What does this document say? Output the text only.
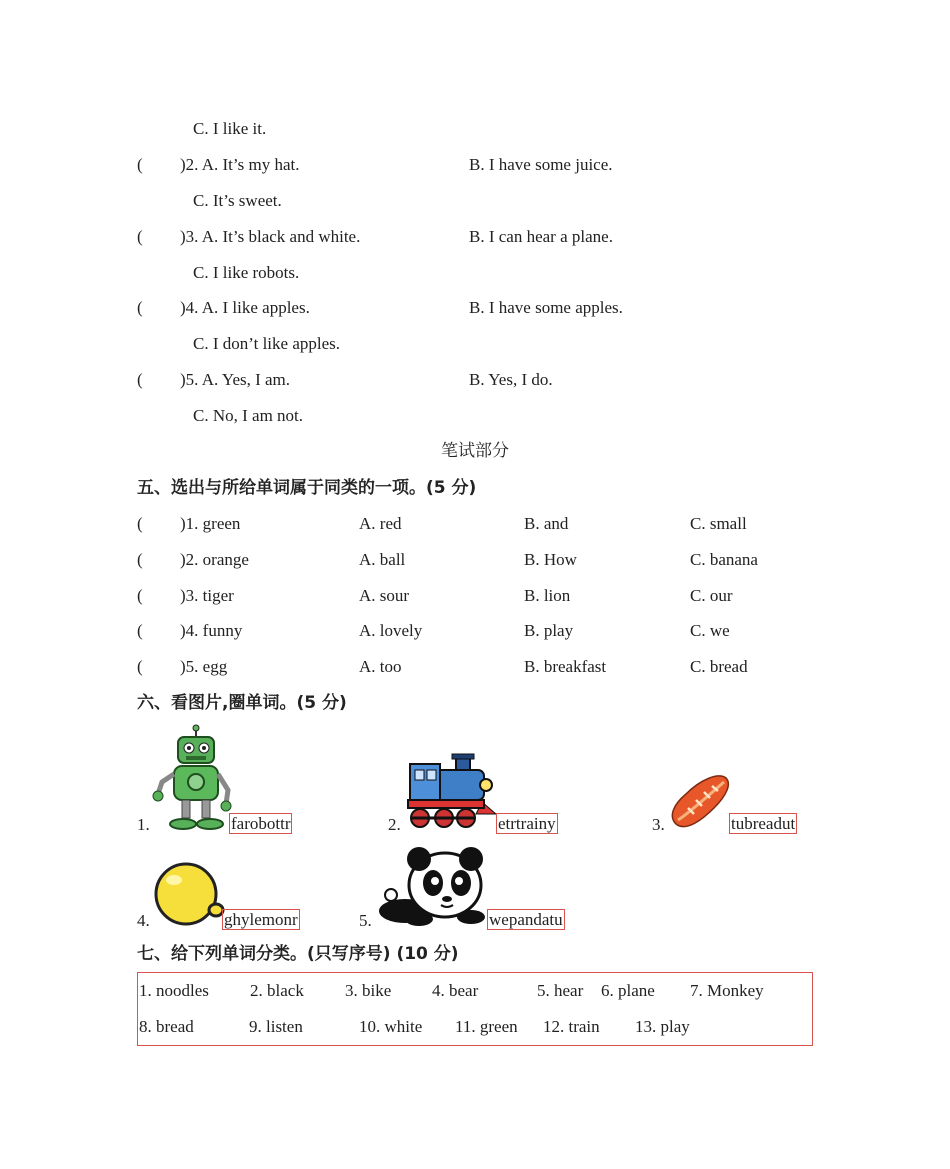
C. I like it.
( )2. A. It’s my hat.	B. I have some juice.
C. It’s sweet.
( )3. A. It’s black and white.	B. I can hear a plane.
C. I like robots.
( )4. A. I like apples.	B. I have some apples.
C. I don’t like apples.
( )5. A. Yes, I am.	B. Yes, I do.
C. No, I am not.
笔试部分
五、选出与所给单词属于同类的一项。(5 分)
( )1. green	A. red	B. and	C. small
( )2. orange	A. ball	B. How	C. banana
( )3. tiger	A. sour	B. lion	C. our
( )4. funny	A. lovely	B. play	C. we
( )5. egg	A. too	B. breakfast	C. bread
六、看图片,圈单词。(5 分)
1.	farobottr	2.	etrtrainy	3.	tubreadut
4.	ghylemonr	5.	wepandatu
七、给下列单词分类。(只写序号) (10 分)
1. noodles 2. black 3. bike 4. bear	5. hear 6. plane 7. Monkey
8. bread	9. listen	10. white 11. green 12. train 13. play
